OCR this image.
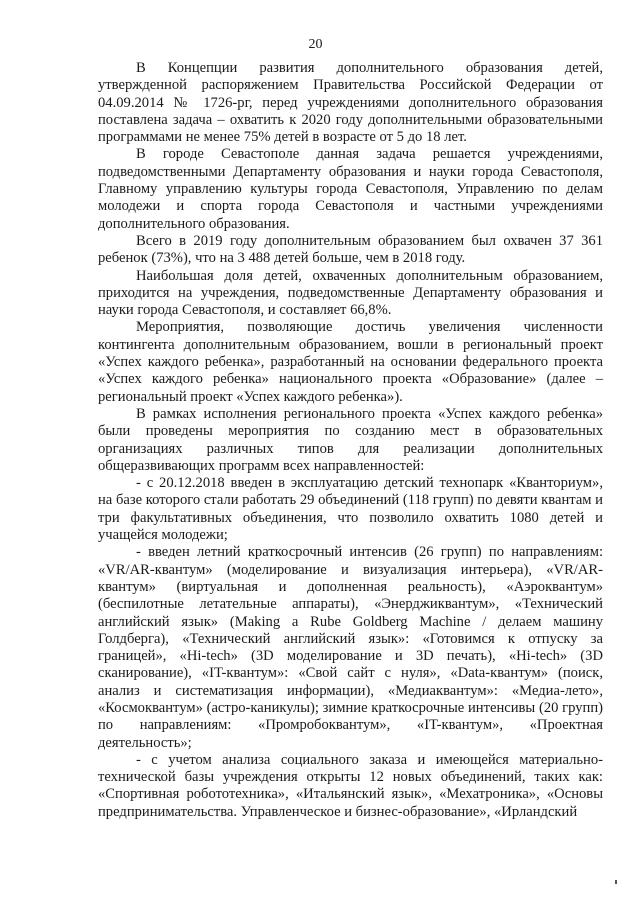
20

В Концепции развития дополнительного образования детей, утвержденной распоряжением Правительства Российской Федерации от 04.09.2014 № 1726-рг, перед учреждениями дополнительного образования поставлена задача – охватить к 2020 году дополнительными образовательными программами не менее 75% детей в возрасте от 5 до 18 лет.

В городе Севастополе данная задача решается учреждениями, подведомственными Департаменту образования и науки города Севастополя, Главному управлению культуры города Севастополя, Управлению по делам молодежи и спорта города Севастополя и частными учреждениями дополнительного образования.

Всего в 2019 году дополнительным образованием был охвачен 37 361 ребенок (73%), что на 3 488 детей больше, чем в 2018 году.

Наибольшая доля детей, охваченных дополнительным образованием, приходится на учреждения, подведомственные Департаменту образования и науки города Севастополя, и составляет 66,8%.

Мероприятия, позволяющие достичь увеличения численности контингента дополнительным образованием, вошли в региональный проект «Успех каждого ребенка», разработанный на основании федерального проекта «Успех каждого ребенка» национального проекта «Образование» (далее – региональный проект «Успех каждого ребенка»).

В рамках исполнения регионального проекта «Успех каждого ребенка» были проведены мероприятия по созданию мест в образовательных организациях различных типов для реализации дополнительных общеразвивающих программ всех направленностей:

- с 20.12.2018 введен в эксплуатацию детский технопарк «Кванториум», на базе которого стали работать 29 объединений (118 групп) по девяти квантам и три факультативных объединения, что позволило охватить 1080 детей и учащейся молодежи;

- введен летний краткосрочный интенсив (26 групп) по направлениям: «VR/AR-квантум» (моделирование и визуализация интерьера), «VR/AR-квантум» (виртуальная и дополненная реальность), «Аэроквантум» (беспилотные летательные аппараты), «Энерджиквантум», «Технический английский язык» (Making a Rube Goldberg Machine / делаем машину Голдберга), «Технический английский язык»: «Готовимся к отпуску за границей», «Hi-tech» (3D моделирование и 3D печать), «Hi-tech» (3D сканирование), «IT-квантум»: «Свой сайт с нуля», «Data-квантум» (поиск, анализ и систематизация информации), «Медиаквантум»: «Медиа-лето», «Космоквантум» (астро-каникулы); зимние краткосрочные интенсивы (20 групп) по направлениям: «Промробоквантум», «IT-квантум», «Проектная деятельность»;

- с учетом анализа социального заказа и имеющейся материально-технической базы учреждения открыты 12 новых объединений, таких как: «Спортивная робототехника», «Итальянский язык», «Мехатроника», «Основы предпринимательства. Управленческое и бизнес-образование», «Ирландский
